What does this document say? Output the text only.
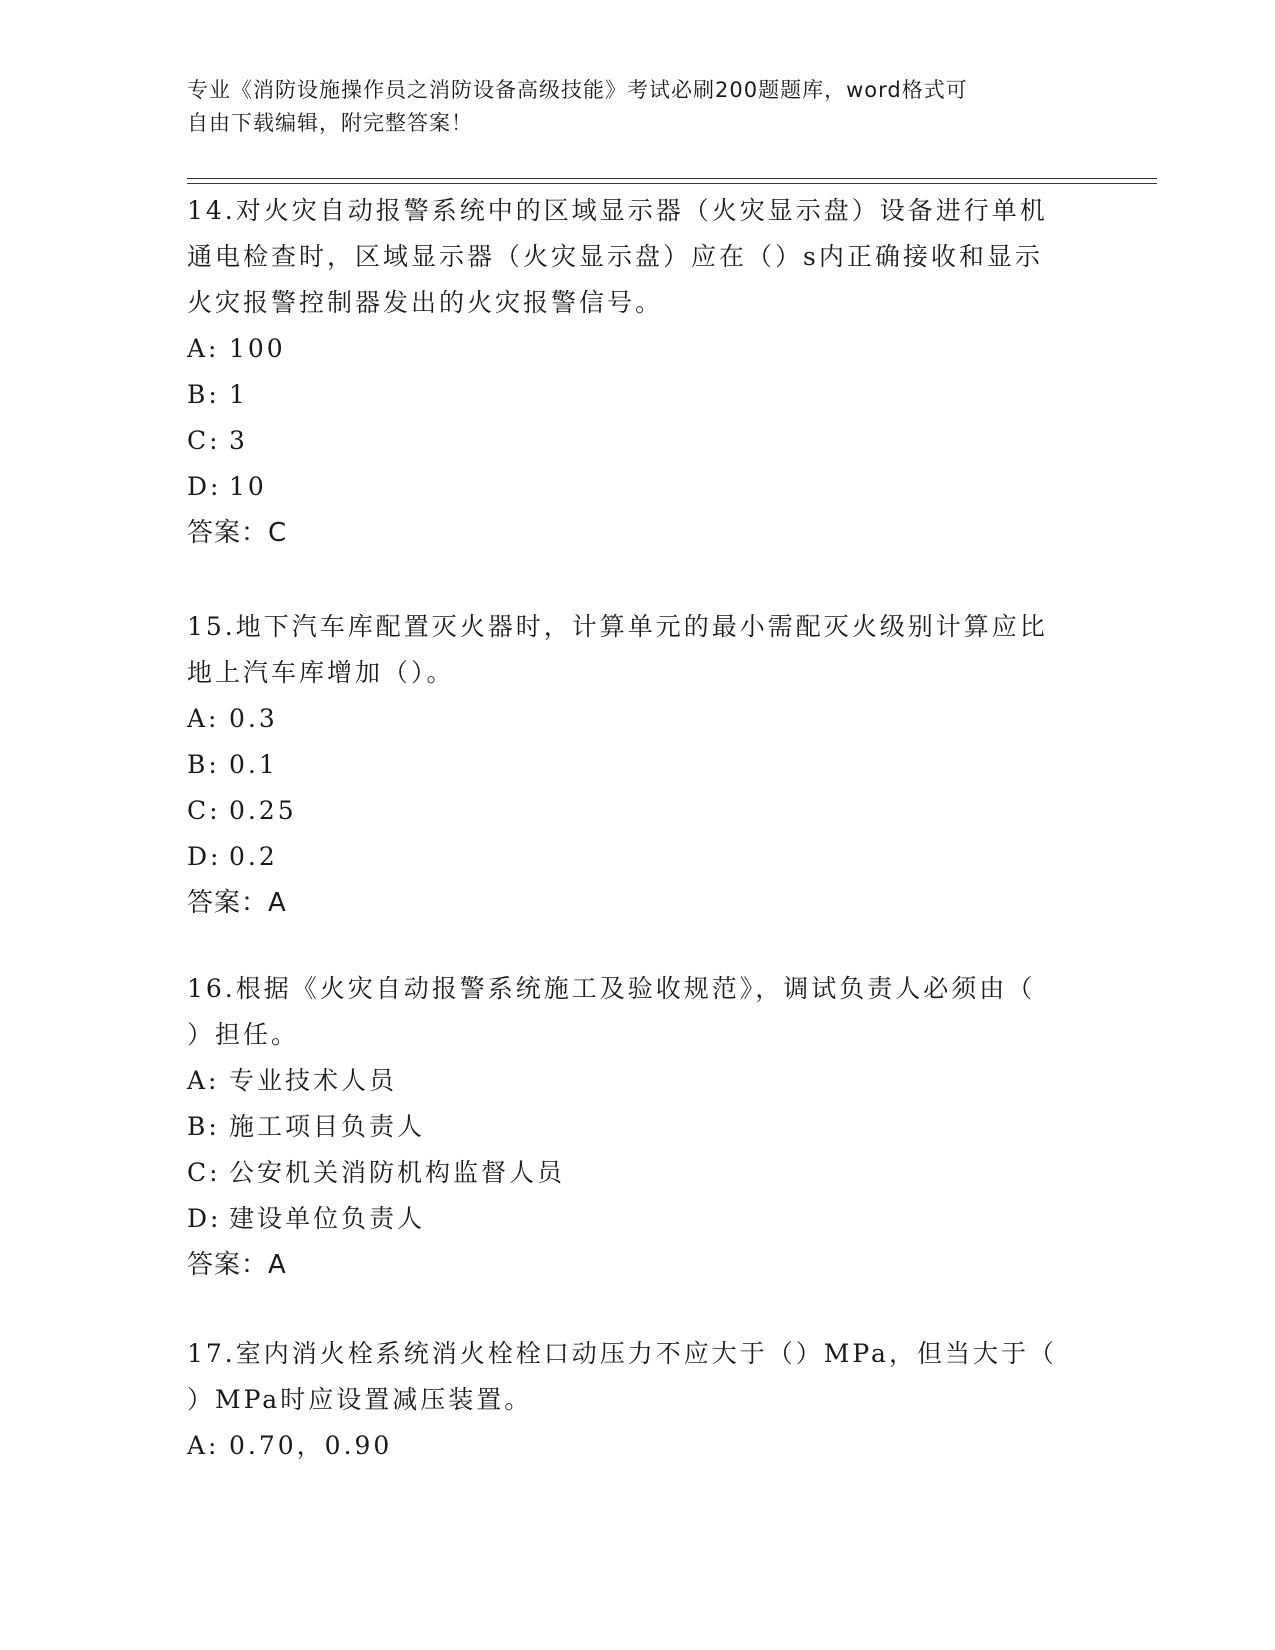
专业《消防设施操作员之消防设备高级技能》考试必刷200题题库，word格式可
自由下载编辑，附完整答案！

14.对火灾自动报警系统中的区域显示器（火灾显示盘）设备进行单机

通电检查时，区域显示器（火灾显示盘）应在（）s内正确接收和显示

火灾报警控制器发出的火灾报警信号。

A: 100
B: 1
C: 3
D: 10
答案：C

15.地下汽车库配置灭火器时，计算单元的最小需配灭火级别计算应比

地上汽车库增加（）。

A: 0.3
B: 0.1
C: 0.25
D: 0.2
答案：A

16.根据《火灾自动报警系统施工及验收规范》，调试负责人必须由（

）担任。

A: 专业技术人员
B: 施工项目负责人
C: 公安机关消防机构监督人员
D: 建设单位负责人
答案：A

17.室内消火栓系统消火栓栓口动压力不应大于（）MPa，但当大于（

）MPa时应设置减压装置。

A: 0.70，0.90
